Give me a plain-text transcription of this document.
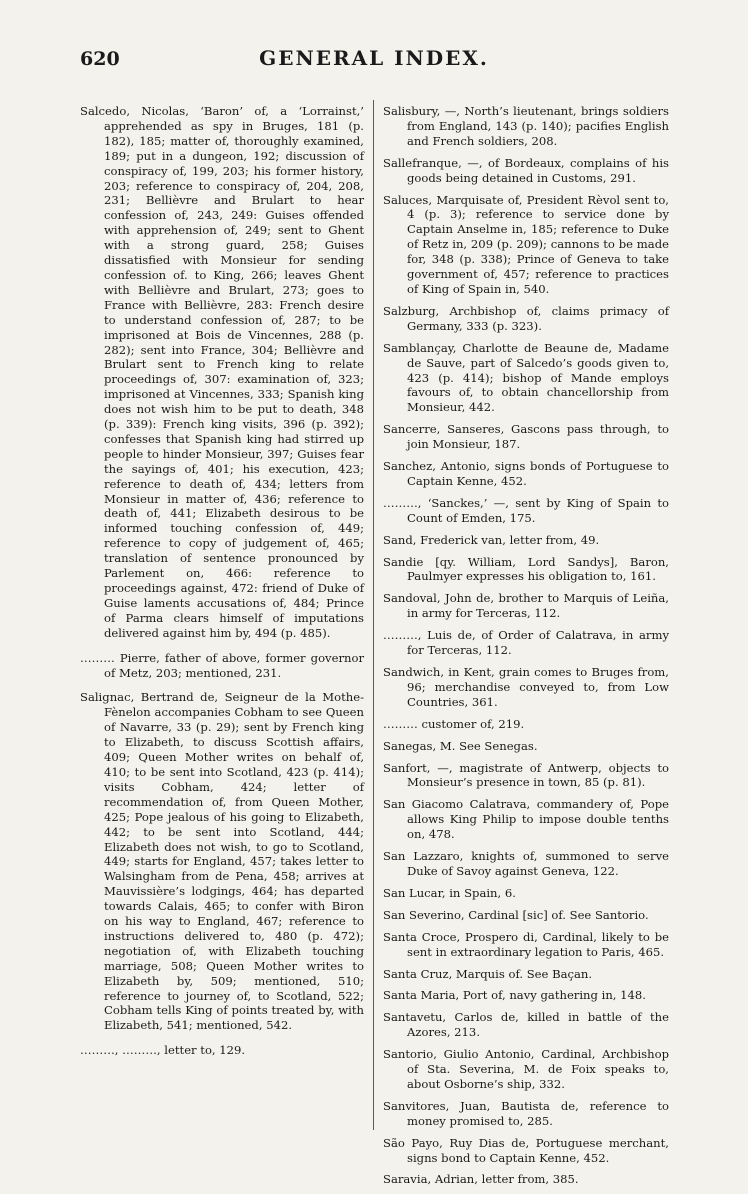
620	GENERAL INDEX.

Salcedo, Nicolas, ‘Baron’ of, a ‘Lorrainst,’ apprehended as spy in Bruges, 181 (p. 182), 185; matter of, thoroughly examined, 189; put in a dungeon, 192; discussion of conspiracy of, 199, 203; his former history, 203; reference to conspiracy of, 204, 208, 231; Bellièvre and Brulart to hear confession of, 243, 249: Guises offended with apprehension of, 249; sent to Ghent with a strong guard, 258; Guises dissatisfied with Monsieur for sending confession of. to King, 266; leaves Ghent with Bellièvre and Brulart, 273; goes to France with Bellièvre, 283: French desire to understand confession of, 287; to be imprisoned at Bois de Vincennes, 288 (p. 282); sent into France, 304; Bellièvre and Brulart sent to French king to relate proceedings of, 307: examination of, 323; imprisoned at Vincennes, 333; Spanish king does not wish him to be put to death, 348 (p. 339): French king visits, 396 (p. 392); confesses that Spanish king had stirred up people to hinder Monsieur, 397; Guises fear the sayings of, 401; his execution, 423; reference to death of, 434; letters from Monsieur in matter of, 436; reference to death of, 441; Elizabeth desirous to be informed touching confession of, 449; reference to copy of judgement of, 465; translation of sentence pronounced by Parlement on, 466: reference to proceedings against, 472: friend of Duke of Guise laments accusations of, 484; Prince of Parma clears himself of imputations delivered against him by, 494 (p. 485).

……… Pierre, father of above, former governor of Metz, 203; mentioned, 231.

Salignac, Bertrand de, Seigneur de la Mothe-Fènelon accompanies Cobham to see Queen of Navarre, 33 (p. 29); sent by French king to Elizabeth, to discuss Scottish affairs, 409; Queen Mother writes on behalf of, 410; to be sent into Scotland, 423 (p. 414); visits Cobham, 424; letter of recommendation of, from Queen Mother, 425; Pope jealous of his going to Elizabeth, 442; to be sent into Scotland, 444; Elizabeth does not wish, to go to Scotland, 449; starts for England, 457; takes letter to Walsingham from de Pena, 458; arrives at Mauvissière’s lodgings, 464; has departed towards Calais, 465; to confer with Biron on his way to England, 467; reference to instructions delivered to, 480 (p. 472); negotiation of, with Elizabeth touching marriage, 508; Queen Mother writes to Elizabeth by, 509; mentioned, 510; reference to journey of, to Scotland, 522; Cobham tells King of points treated by, with Elizabeth, 541; mentioned, 542.

………, ………, letter to, 129.

Salisbury, —, North’s lieutenant, brings soldiers from England, 143 (p. 140); pacifies English and French soldiers, 208.

Sallefranque, —, of Bordeaux, complains of his goods being detained in Customs, 291.

Saluces, Marquisate of, President Rèvol sent to, 4 (p. 3); reference to service done by Captain Anselme in, 185; reference to Duke of Retz in, 209 (p. 209); cannons to be made for, 348 (p. 338); Prince of Geneva to take government of, 457; reference to practices of King of Spain in, 540.

Salzburg, Archbishop of, claims primacy of Germany, 333 (p. 323).

Samblançay, Charlotte de Beaune de, Madame de Sauve, part of Salcedo’s goods given to, 423 (p. 414); bishop of Mande employs favours of, to obtain chancellorship from Monsieur, 442.

Sancerre, Sanseres, Gascons pass through, to join Monsieur, 187.

Sanchez, Antonio, signs bonds of Portuguese to Captain Kenne, 452.

………, ‘Sanckes,’ —, sent by King of Spain to Count of Emden, 175.

Sand, Frederick van, letter from, 49.

Sandie [qy. William, Lord Sandys], Baron, Paulmyer expresses his obligation to, 161.

Sandoval, John de, brother to Marquis of Leiña, in army for Terceras, 112.

………, Luis de, of Order of Calatrava, in army for Terceras, 112.

Sandwich, in Kent, grain comes to Bruges from, 96; merchandise conveyed to, from Low Countries, 361.

……… customer of, 219.

Sanegas, M. See Senegas.

Sanfort, —, magistrate of Antwerp, objects to Monsieur’s presence in town, 85 (p. 81).

San Giacomo Calatrava, commandery of, Pope allows King Philip to impose double tenths on, 478.

San Lazzaro, knights of, summoned to serve Duke of Savoy against Geneva, 122.

San Lucar, in Spain, 6.

San Severino, Cardinal [sic] of. See Santorio.

Santa Croce, Prospero di, Cardinal, likely to be sent in extraordinary legation to Paris, 465.

Santa Cruz, Marquis of. See Baçan.

Santa Maria, Port of, navy gathering in, 148.

Santavetu, Carlos de, killed in battle of the Azores, 213.

Santorio, Giulio Antonio, Cardinal, Archbishop of Sta. Severina, M. de Foix speaks to, about Osborne’s ship, 332.

Sanvitores, Juan, Bautista de, reference to money promised to, 285.

São Payo, Ruy Dias de, Portuguese merchant, signs bond to Captain Kenne, 452.

Saravia, Adrian, letter from, 385.
